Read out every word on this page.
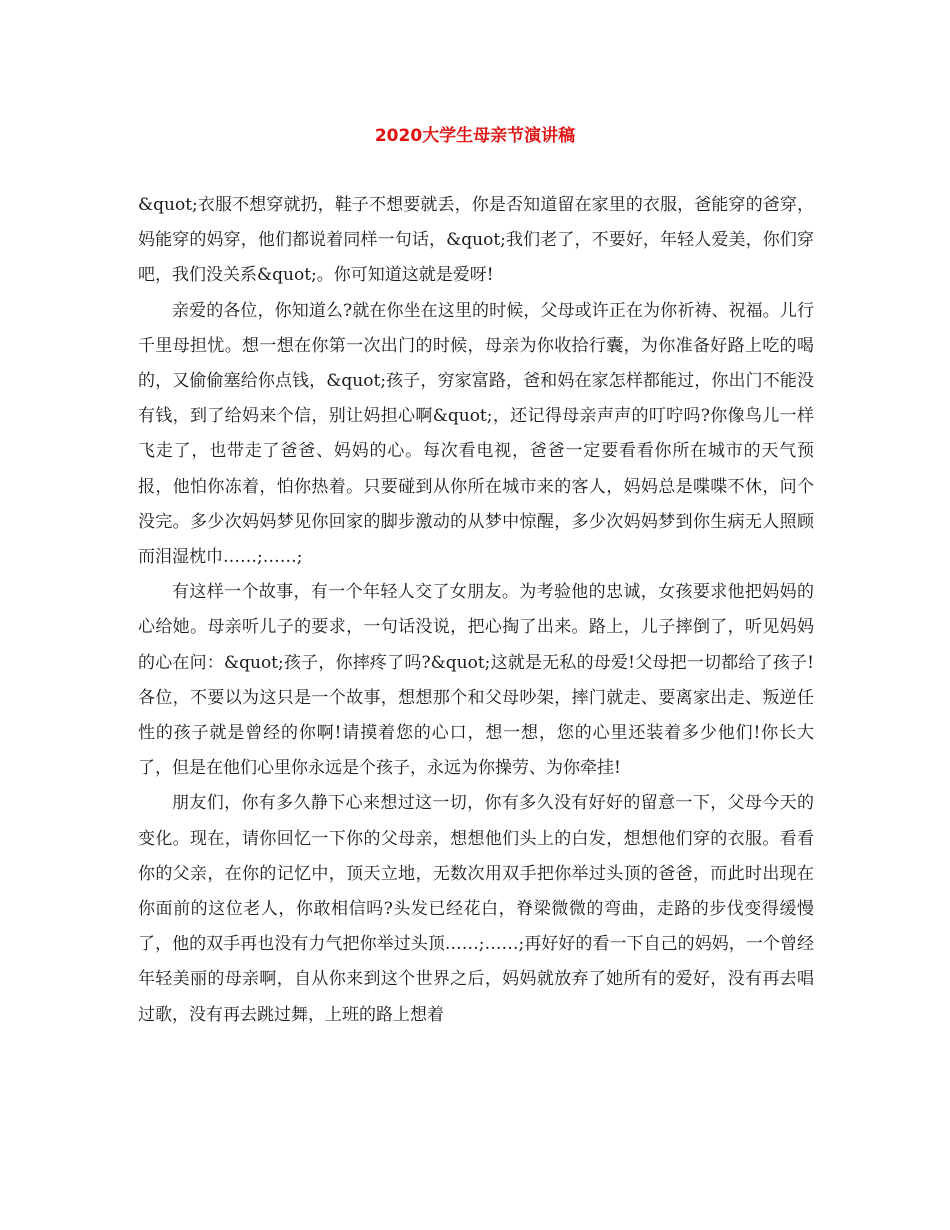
2020大学生母亲节演讲稿

&quot;衣服不想穿就扔，鞋子不想要就丢，你是否知道留在家里的衣服，爸能穿的爸穿，妈能穿的妈穿，他们都说着同样一句话，&quot;我们老了，不要好，年轻人爱美，你们穿吧，我们没关系&quot;。你可知道这就是爱呀!

亲爱的各位，你知道么?就在你坐在这里的时候，父母或许正在为你祈祷、祝福。儿行千里母担忧。想一想在你第一次出门的时候，母亲为你收拾行囊，为你准备好路上吃的喝的，又偷偷塞给你点钱，&quot;孩子，穷家富路，爸和妈在家怎样都能过，你出门不能没有钱，到了给妈来个信，别让妈担心啊&quot;，还记得母亲声声的叮咛吗?你像鸟儿一样飞走了，也带走了爸爸、妈妈的心。每次看电视，爸爸一定要看看你所在城市的天气预报，他怕你冻着，怕你热着。只要碰到从你所在城市来的客人，妈妈总是喋喋不休，问个没完。多少次妈妈梦见你回家的脚步激动的从梦中惊醒，多少次妈妈梦到你生病无人照顾而泪湿枕巾……;……;

有这样一个故事，有一个年轻人交了女朋友。为考验他的忠诚，女孩要求他把妈妈的心给她。母亲听儿子的要求，一句话没说，把心掏了出来。路上，儿子摔倒了，听见妈妈的心在问：&quot;孩子，你摔疼了吗?&quot;这就是无私的母爱!父母把一切都给了孩子!各位，不要以为这只是一个故事，想想那个和父母吵架，摔门就走、要离家出走、叛逆任性的孩子就是曾经的你啊!请摸着您的心口，想一想，您的心里还装着多少他们!你长大了，但是在他们心里你永远是个孩子，永远为你操劳、为你牵挂!

朋友们，你有多久静下心来想过这一切，你有多久没有好好的留意一下，父母今天的变化。现在，请你回忆一下你的父母亲，想想他们头上的白发，想想他们穿的衣服。看看你的父亲，在你的记忆中，顶天立地，无数次用双手把你举过头顶的爸爸，而此时出现在你面前的这位老人，你敢相信吗?头发已经花白，脊梁微微的弯曲，走路的步伐变得缓慢了，他的双手再也没有力气把你举过头顶……;……;再好好的看一下自己的妈妈，一个曾经年轻美丽的母亲啊，自从你来到这个世界之后，妈妈就放弃了她所有的爱好，没有再去唱过歌，没有再去跳过舞，上班的路上想着
